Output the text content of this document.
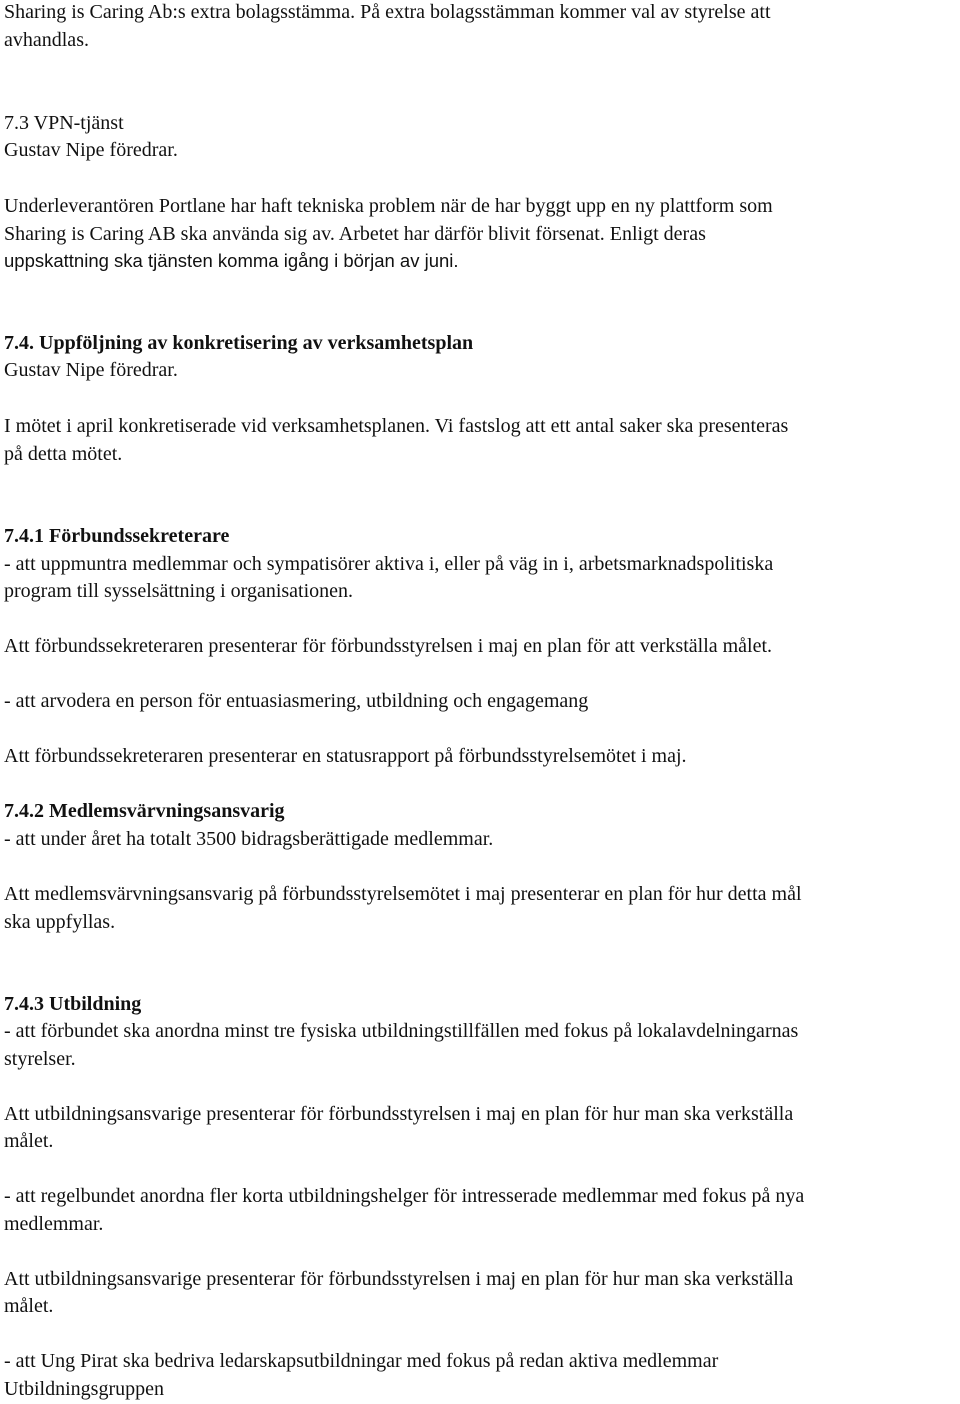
Sharing is Caring Ab:s extra bolagsstämma. På extra bolagsstämman kommer val av styrelse att
avhandlas.
7.3 VPN-tjänst
Gustav Nipe föredrar.
Underleverantören Portlane har haft tekniska problem när de har byggt upp en ny plattform som
Sharing is Caring AB ska använda sig av. Arbetet har därför blivit försenat. Enligt deras
uppskattning ska tjänsten komma igång i början av juni.
7.4. Uppföljning av konkretisering av verksamhetsplan
Gustav Nipe föredrar.
I mötet i april konkretiserade vid verksamhetsplanen. Vi fastslog att ett antal saker ska presenteras
på detta mötet.
7.4.1 Förbundssekreterare
- att uppmuntra medlemmar och sympatisörer aktiva i, eller på väg in i, arbetsmarknadspolitiska
program till sysselsättning i organisationen.
Att förbundssekreteraren presenterar för förbundsstyrelsen i maj en plan för att verkställa målet.
- att arvodera en person för entuasiasmering, utbildning och engagemang
Att förbundssekreteraren presenterar en statusrapport på förbundsstyrelsemötet i maj.
7.4.2 Medlemsvärvningsansvarig
- att under året ha totalt 3500 bidragsberättigade medlemmar.
Att medlemsvärvningsansvarig på förbundsstyrelsemötet i maj presenterar en plan för hur detta mål
ska uppfyllas.
7.4.3 Utbildning
- att förbundet ska anordna minst tre fysiska utbildningstillfällen med fokus på lokalavdelningarnas
styrelser.
Att utbildningsansvarige presenterar för förbundsstyrelsen i maj en plan för hur man ska verkställa
målet.
- att regelbundet anordna fler korta utbildningshelger för intresserade medlemmar med fokus på nya
medlemmar.
Att utbildningsansvarige presenterar för förbundsstyrelsen i maj en plan för hur man ska verkställa
målet.
- att Ung Pirat ska bedriva ledarskapsutbildningar med fokus på redan aktiva medlemmar
Utbildningsgruppen
